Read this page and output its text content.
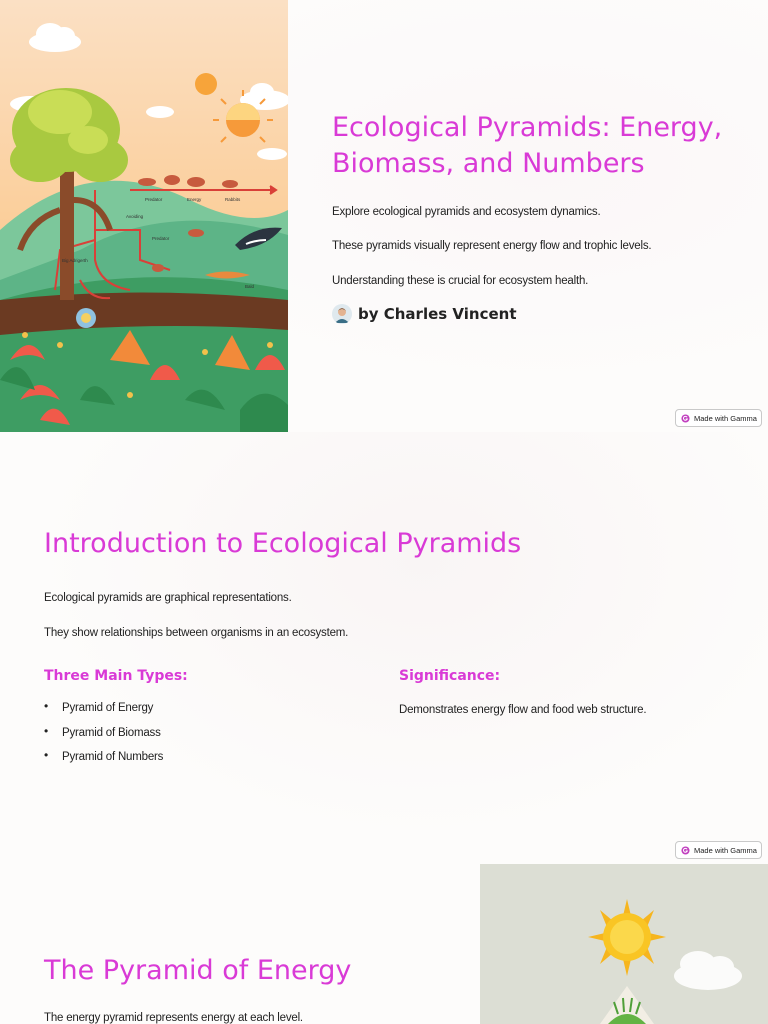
Predator	Energy	Rabbits
Avoiding
Predator
Big Adrigerth
Bald
Ecological Pyramids: Energy, Biomass, and Numbers

Explore ecological pyramids and ecosystem dynamics.

These pyramids visually represent energy flow and trophic levels.

Understanding these is crucial for ecosystem health.

by Charles Vincent
Made with Gamma
Introduction to Ecological Pyramids

Ecological pyramids are graphical representations.

They show relationships between organisms in an ecosystem.

Three Main Types:
• Pyramid of Energy
• Pyramid of Biomass
• Pyramid of Numbers
Significance:

Demonstrates energy flow and food web structure.

Made with Gamma
The Pyramid of Energy

The energy pyramid represents energy at each level.
